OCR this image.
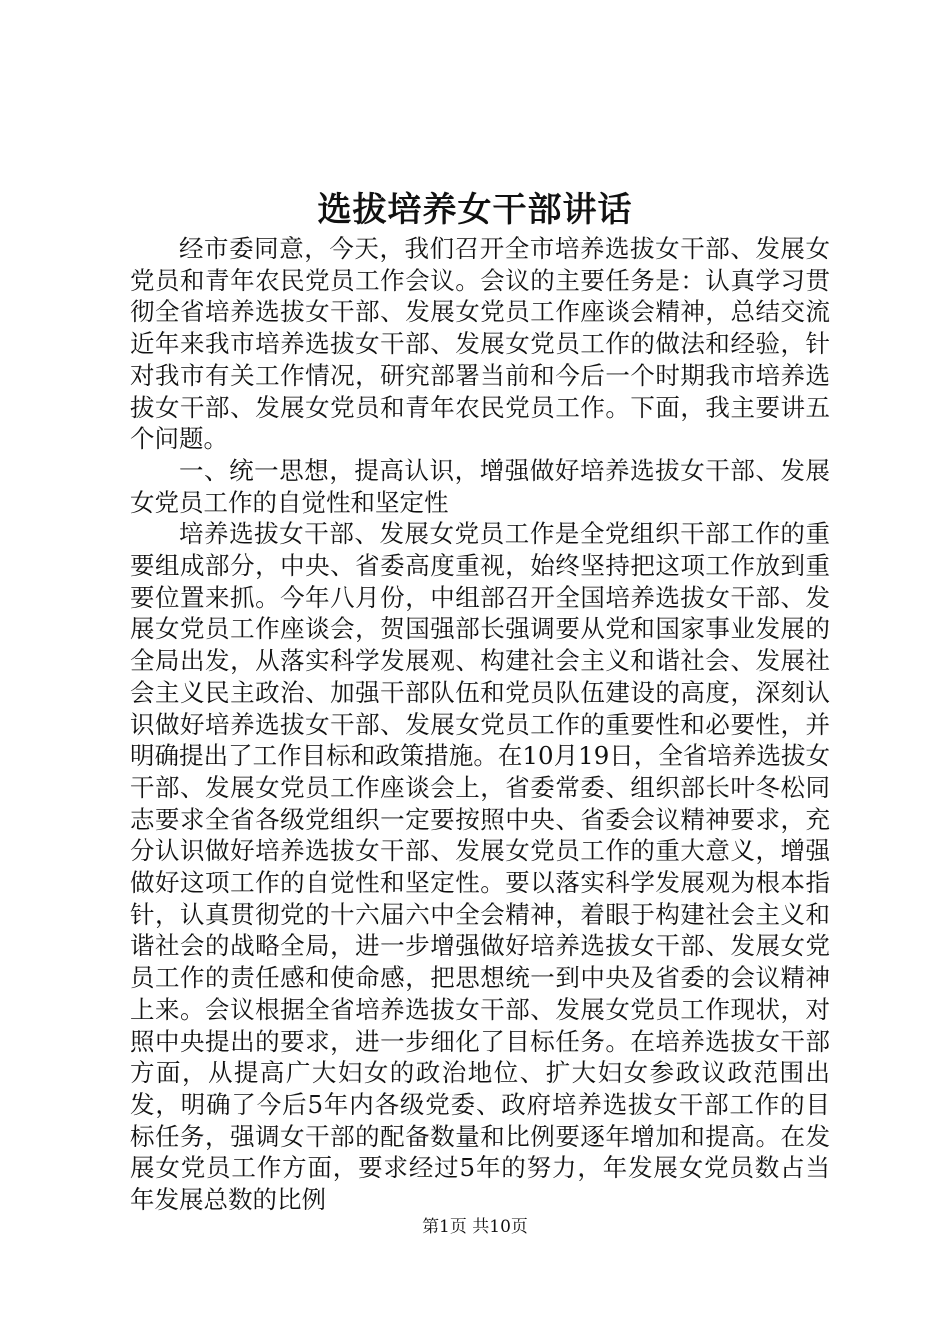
选拔培养女干部讲话

经市委同意，今天，我们召开全市培养选拔女干部、发展女党员和青年农民党员工作会议。会议的主要任务是：认真学习贯彻全省培养选拔女干部、发展女党员工作座谈会精神，总结交流近年来我市培养选拔女干部、发展女党员工作的做法和经验，针对我市有关工作情况，研究部署当前和今后一个时期我市培养选拔女干部、发展女党员和青年农民党员工作。下面，我主要讲五个问题。

一、统一思想，提高认识，增强做好培养选拔女干部、发展女党员工作的自觉性和坚定性

培养选拔女干部、发展女党员工作是全党组织干部工作的重要组成部分，中央、省委高度重视，始终坚持把这项工作放到重要位置来抓。今年八月份，中组部召开全国培养选拔女干部、发展女党员工作座谈会，贺国强部长强调要从党和国家事业发展的全局出发，从落实科学发展观、构建社会主义和谐社会、发展社会主义民主政治、加强干部队伍和党员队伍建设的高度，深刻认识做好培养选拔女干部、发展女党员工作的重要性和必要性，并明确提出了工作目标和政策措施。在10月19日，全省培养选拔女干部、发展女党员工作座谈会上，省委常委、组织部长叶冬松同志要求全省各级党组织一定要按照中央、省委会议精神要求，充分认识做好培养选拔女干部、发展女党员工作的重大意义，增强做好这项工作的自觉性和坚定性。要以落实科学发展观为根本指针，认真贯彻党的十六届六中全会精神，着眼于构建社会主义和谐社会的战略全局，进一步增强做好培养选拔女干部、发展女党员工作的责任感和使命感，把思想统一到中央及省委的会议精神上来。会议根据全省培养选拔女干部、发展女党员工作现状，对照中央提出的要求，进一步细化了目标任务。在培养选拔女干部方面，从提高广大妇女的政治地位、扩大妇女参政议政范围出发，明确了今后5年内各级党委、政府培养选拔女干部工作的目标任务，强调女干部的配备数量和比例要逐年增加和提高。在发展女党员工作方面，要求经过5年的努力，年发展女党员数占当年发展总数的比例

第1页 共10页
